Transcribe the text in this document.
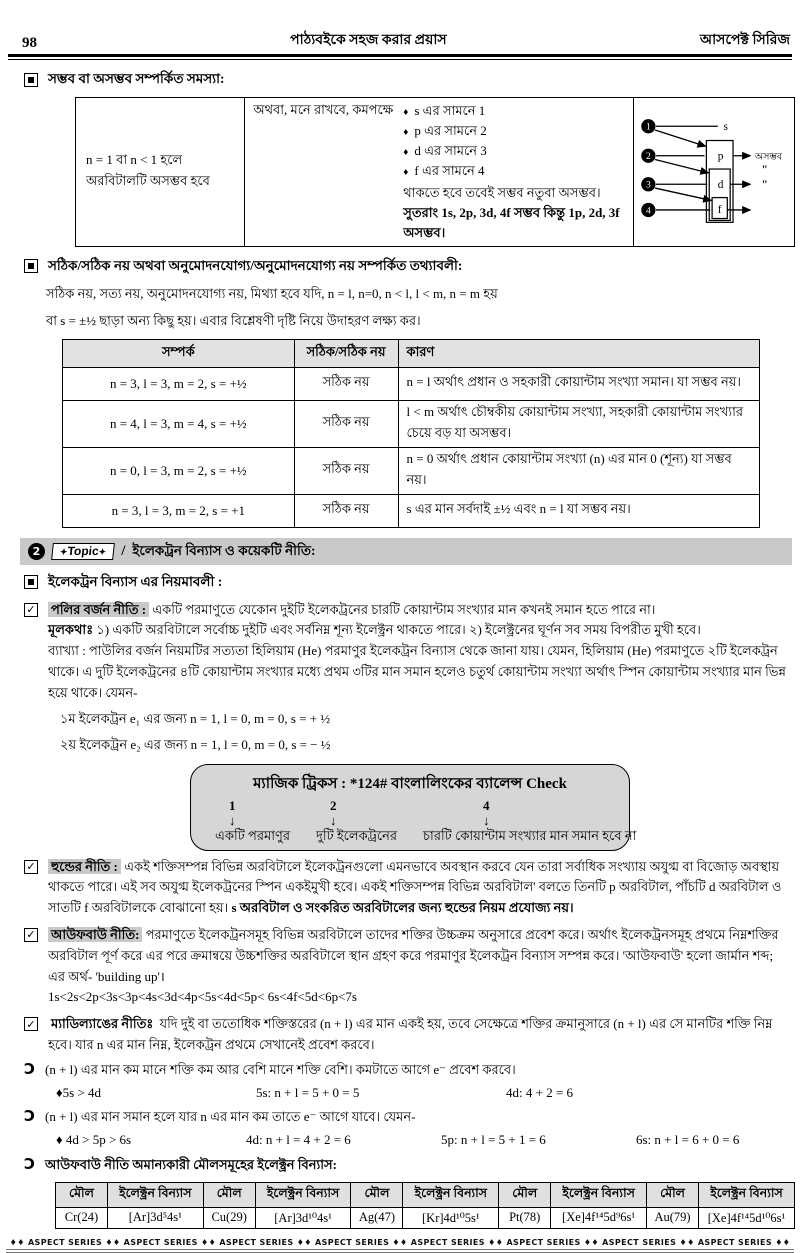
98	পাঠ্যবইকে সহজ করার প্রয়াস	আসপেক্ট সিরিজ
সম্ভব বা অসম্ভব সম্পর্কিত সমস্যা:
n = 1 বা n < 1 হলে
অরবিটালটি অসম্ভব হবে

অথবা, মনে রাখবে, কমপক্ষে ♦ s এর সামনে 1
♦ p এর সামনে 2
♦ d এর সামনে 3
♦ f এর সামনে 4
থাকতে হবে তবেই সম্ভব নতুবা অসম্ভব। সুতরাং 1s, 2p, 3d, 4f সম্ভব কিন্তু 1p, 2d, 3f অসম্ভব।

1
2
3
4
s
p
d
f
অসম্ভব
"
"
সঠিক/সঠিক নয় অথবা অনুমোদনযোগ্য/অনুমোদনযোগ্য নয় সম্পর্কিত তথ্যাবলী:
সঠিক নয়, সত্য নয়, অনুমোদনযোগ্য নয়, মিথ্যা হবে যদি, n = l, n=0, n < l, l < m, n = m হয়
বা s = ±½ ছাড়া অন্য কিছু হয়। এবার বিশ্লেষণী দৃষ্টি নিয়ে উদাহরণ লক্ষ্য কর।
সম্পর্ক	সঠিক/সঠিক নয়	কারণ
n = 3, l = 3, m = 2, s = +½	সঠিক নয়	n = l অর্থাৎ প্রধান ও সহকারী কোয়ান্টাম সংখ্যা সমান। যা সম্ভব নয়।
n = 4, l = 3, m = 4, s = +½	সঠিক নয়	l < m অর্থাৎ চৌম্বকীয় কোয়ান্টাম সংখ্যা, সহকারী কোয়ান্টাম সংখ্যার চেয়ে বড় যা অসম্ভব।
n = 0, l = 3, m = 2, s = +½	সঠিক নয়	n = 0 অর্থাৎ প্রধান কোয়ান্টাম সংখ্যা (n) এর মান 0 (শূন্য) যা সম্ভব নয়।
n = 3, l = 3, m = 2, s = +1	সঠিক নয়	s এর মান সর্বদাই ±½ এবং n = l যা সম্ভব নয়।
2	✦Topic✦ / ইলেকট্রন বিন্যাস ও কয়েকটি নীতি:
ইলেকট্রন বিন্যাস এর নিয়মাবলী :
✓ পলির বর্জন নীতি : একটি পরমাণুতে যেকোন দুইটি ইলেকট্রনের চারটি কোয়ান্টাম সংখ্যার মান কখনই সমান হতে পারে না।
মূলকথাঃ ১) একটি অরবিটালে সর্বোচ্চ দুইটি এবং সর্বনিম্ন শূন্য ইলেক্ট্রন থাকতে পারে। ২) ইলেক্ট্রনের ঘূর্ণন সব সময় বিপরীত মুখী হবে।
ব্যাখ্যা : পাউলির বর্জন নিয়মটির সত্যতা হিলিয়াম (He) পরমাণুর ইলেকট্রন বিন্যাস থেকে জানা যায়। যেমন, হিলিয়াম (He) পরমাণুতে ২টি ইলেকট্রন থাকে। এ দুটি ইলেকট্রনের ৪টি কোয়ান্টাম সংখ্যার মধ্যে প্রথম ৩টির মান সমান হলেও চতুর্থ কোয়ান্টাম সংখ্যা অর্থাৎ স্পিন কোয়ান্টাম সংখ্যার মান ভিন্ন হয়ে থাকে। যেমন-
১ম ইলেকট্রন e₁ এর জন্য n = 1, l = 0, m = 0, s = + ½
২য় ইলেকট্রন e₂ এর জন্য n = 1, l = 0, m = 0, s = − ½
ম্যাজিক ট্রিকস : *124# বাংলালিংকের ব্যালেন্স Check
1
↓
একটি পরমাণুর
2
↓
দুটি ইলেকট্রনের
4
↓
চারটি কোয়ান্টাম সংখ্যার মান সমান হবে না
✓ হুন্ডের নীতি : একই শক্তিসম্পন্ন বিভিন্ন অরবিটালে ইলেকট্রনগুলো এমনভাবে অবস্থান করবে যেন তারা সর্বাধিক সংখ্যায় অযুগ্ম বা বিজোড় অবস্থায় থাকতে পারে। এই সব অযুগ্ম ইলেকট্রনের স্পিন একইমুখী হবে। একই শক্তিসম্পন্ন বিভিন্ন অরবিটাল' বলতে তিনটি p অরবিটাল, পাঁচটি d অরবিটাল ও সাতটি f অরবিটালকে বোঝানো হয়। s অরবিটাল ও সংকরিত অরবিটালের জন্য হুন্ডের নিয়ম প্রযোজ্য নয়।
✓ আউফবাউ নীতি: পরমাণুতে ইলেকট্রনসমূহ বিভিন্ন অরবিটালে তাদের শক্তির উচ্চক্রম অনুসারে প্রবেশ করে। অর্থাৎ ইলেকট্রনসমূহ প্রথমে নিম্নশক্তির অরবিটাল পূর্ণ করে এর পরে ক্রমান্বয়ে উচ্চশক্তির অরবিটালে স্থান গ্রহণ করে পরমাণুর ইলেকট্রন বিন্যাস সম্পন্ন করে। 'আউফবাউ' হলো জার্মান শব্দ; এর অর্থ- 'building up'।
1s<2s<2p<3s<3p<4s<3d<4p<5s<4d<5p< 6s<4f<5d<6p<7s
✓ ম্যাডিল্যাঙের নীতিঃ যদি দুই বা ততোধিক শক্তিস্তরের (n + l) এর মান একই হয়, তবে সেক্ষেত্রে শক্তির ক্রমানুসারে (n + l) এর সে মানটির শক্তি নিম্ন হবে। যার n এর মান নিম্ন, ইলেকট্রন প্রথমে সেখানেই প্রবেশ করবে।
Ɔ (n + l) এর মান কম মানে শক্তি কম আর বেশি মানে শক্তি বেশি। কমটাতে আগে e⁻ প্রবেশ করবে।
♦5s > 4d	5s: n + l = 5 + 0 = 5	4d: 4 + 2 = 6
Ɔ (n + l) এর মান সমান হলে যার n এর মান কম তাতে e⁻ আগে যাবে। যেমন-
♦ 4d > 5p > 6s	4d: n + l = 4 + 2 = 6	5p: n + l = 5 + 1 = 6	6s: n + l = 6 + 0 = 6
Ɔ আউফবাউ নীতি অমান্যকারী মৌলসমূহের ইলেক্ট্রন বিন্যাস:
মৌল	ইলেক্ট্রন বিন্যাস	মৌল	ইলেক্ট্রন বিন্যাস	মৌল	ইলেক্ট্রন বিন্যাস	মৌল	ইলেক্ট্রন বিন্যাস	মৌল	ইলেক্ট্রন বিন্যাস
Cr(24)	[Ar]3d⁵4s¹	Cu(29)	[Ar]3d¹⁰4s¹	Ag(47)	[Kr]4d¹⁰5s¹	Pt(78)	[Xe]4f¹⁴5d⁹6s¹	Au(79)	[Xe]4f¹⁴5d¹⁰6s¹
♦♦ ASPECT SERIES ♦♦ ASPECT SERIES ♦♦ ASPECT SERIES ♦♦ ASPECT SERIES ♦♦ ASPECT SERIES ♦♦ ASPECT SERIES ♦♦ ASPECT SERIES ♦♦ ASPECT SERIES ♦♦
